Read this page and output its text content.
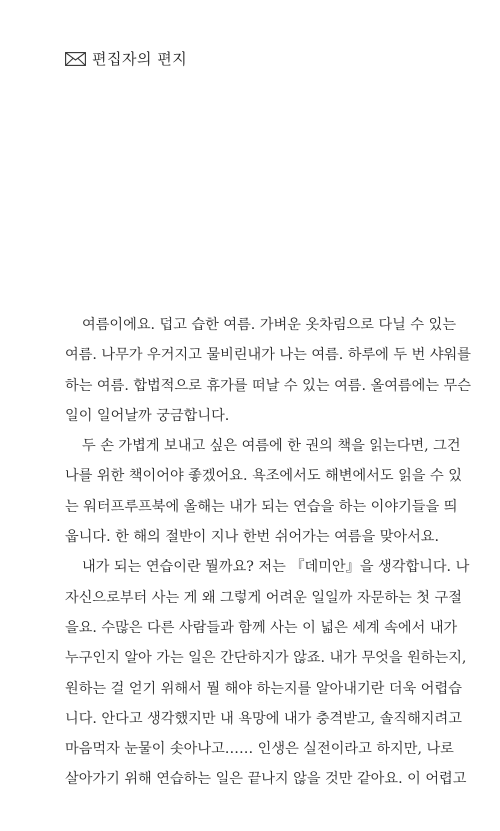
편집자의 편지
여름이에요. 덥고 습한 여름. 가벼운 옷차림으로 다닐 수 있는
여름. 나무가 우거지고 물비린내가 나는 여름. 하루에 두 번 샤워를
하는 여름. 합법적으로 휴가를 떠날 수 있는 여름. 올여름에는 무슨
일이 일어날까 궁금합니다.
두 손 가볍게 보내고 싶은 여름에 한 권의 책을 읽는다면, 그건
나를 위한 책이어야 좋겠어요. 욕조에서도 해변에서도 읽을 수 있
는 워터프루프북에 올해는 내가 되는 연습을 하는 이야기들을 띄
웁니다. 한 해의 절반이 지나 한번 쉬어가는 여름을 맞아서요.
내가 되는 연습이란 뭘까요? 저는 『데미안』을 생각합니다. 나
자신으로부터 사는 게 왜 그렇게 어려운 일일까 자문하는 첫 구절
을요. 수많은 다른 사람들과 함께 사는 이 넓은 세계 속에서 내가
누구인지 알아 가는 일은 간단하지가 않죠. 내가 무엇을 원하는지,
원하는 걸 얻기 위해서 뭘 해야 하는지를 알아내기란 더욱 어렵습
니다. 안다고 생각했지만 내 욕망에 내가 충격받고, 솔직해지려고
마음먹자 눈물이 솟아나고…… 인생은 실전이라고 하지만, 나로
살아가기 위해 연습하는 일은 끝나지 않을 것만 같아요. 이 어렵고
